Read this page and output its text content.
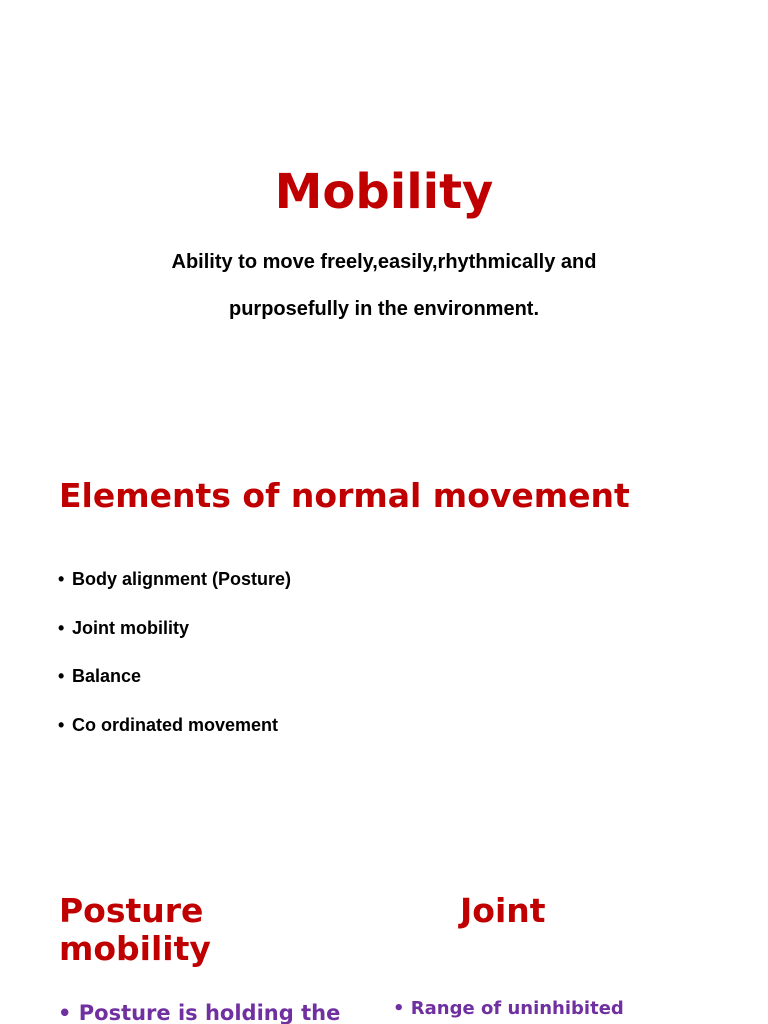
Mobility
Ability to move freely,easily,rhythmically and
purposefully in the environment.
Elements of normal movement
• Body alignment (Posture)
• Joint mobility
• Balance
• Co ordinated movement
Posture
mobility
Joint
• Posture is holding the	• Range of uninhibited
